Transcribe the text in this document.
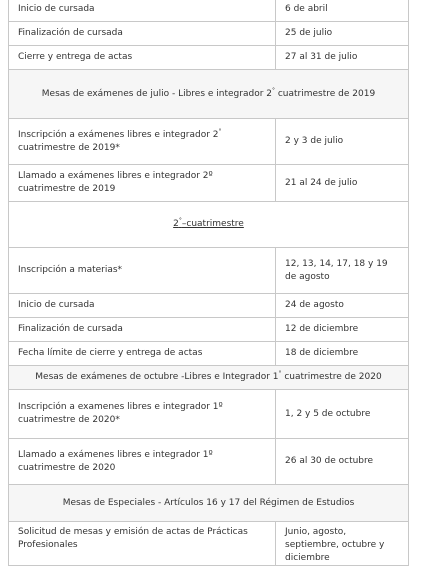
Inicio de cursada	6 de abril
Finalización de cursada	25 de julio
Cierre y entrega de actas	27 al 31 de julio
Mesas de exámenes de julio - Libres e integrador 2° cuatrimestre de 2019	
Inscripción a exámenes libres e integrador 2° cuatrimestre de 2019*	2 y 3 de julio
Llamado a exámenes libres e integrador 2º cuatrimestre de 2019	21 al 24 de julio
2°–cuatrimestre	
Inscripción a materias*	12, 13, 14, 17, 18 y 19 de agosto
Inicio de cursada	24 de agosto
Finalización de cursada	12 de diciembre
Fecha límite de cierre y entrega de actas	18 de diciembre
Mesas de exámenes de octubre -Libres e Integrador 1° cuatrimestre de 2020	
Inscripción a examenes libres e integrador 1º cuatrimestre de 2020*	1, 2 y 5 de octubre
Llamado a exámenes libres e integrador 1º cuatrimestre de 2020	26 al 30 de octubre
Mesas de Especiales - Artículos 16 y 17 del Régimen de Estudios	
Solicitud de mesas y emisión de actas de Prácticas Profesionales	Junio, agosto, septiembre, octubre y diciembre
